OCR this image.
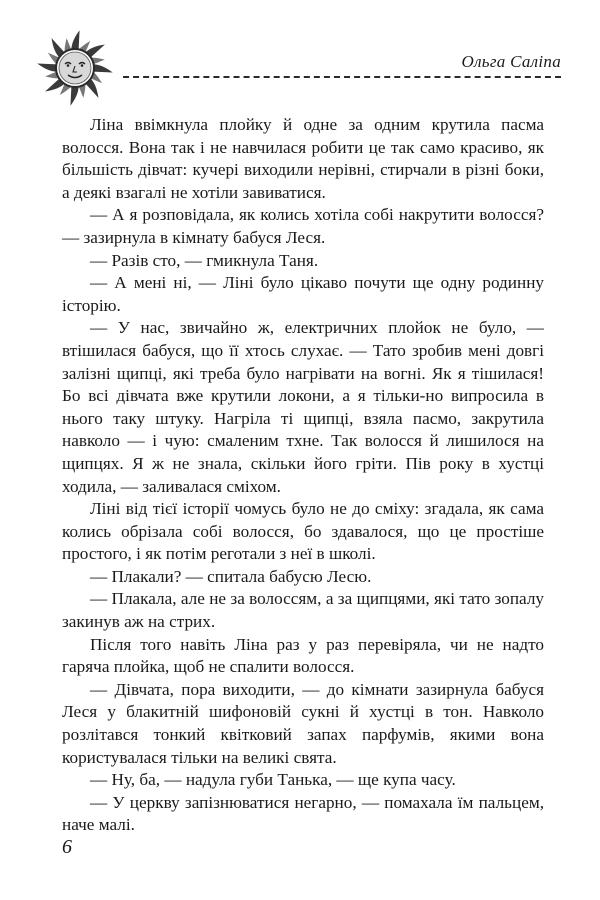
Ольга Саліпа

Ліна ввімкнула плойку й одне за одним крутила пасма волосся. Вона так і не навчилася робити це так само красиво, як більшість дівчат: кучері виходили нерівні, стирчали в різні боки, а деякі взагалі не хотіли завиватися.

— А я розповідала, як колись хотіла собі накрутити волосся? — зазирнула в кімнату бабуся Леся.

— Разів сто, — гмикнула Таня.

— А мені ні, — Ліні було цікаво почути ще одну родинну історію.

— У нас, звичайно ж, електричних плойок не було, — втішилася бабуся, що її хтось слухає. — Тато зробив мені довгі залізні щипці, які треба було нагрівати на вогні. Як я тішилася! Бо всі дівчата вже крутили локони, а я тільки-но випросила в нього таку штуку. Нагріла ті щипці, взяла пасмо, закрутила навколо — і чую: смаленим тхне. Так волосся й лишилося на щипцях. Я ж не знала, скільки його гріти. Пів року в хустці ходила, — заливалася сміхом.

Ліні від тієї історії чомусь було не до сміху: згадала, як сама колись обрізала собі волосся, бо здавалося, що це простіше простого, і як потім реготали з неї в школі.

— Плакали? — спитала бабусю Лесю.

— Плакала, але не за волоссям, а за щипцями, які тато зопалу закинув аж на стрих.

Після того навіть Ліна раз у раз перевіряла, чи не надто гаряча плойка, щоб не спалити волосся.

— Дівчата, пора виходити, — до кімнати зазирнула бабуся Леся у блакитній шифоновій сукні й хустці в тон. Навколо розлітався тонкий квітковий запах парфумів, якими вона користувалася тільки на великі свята.

— Ну, ба, — надула губи Танька, — ще купа часу.

— У церкву запізнюватися негарно, — помахала їм пальцем, наче малі.

6
